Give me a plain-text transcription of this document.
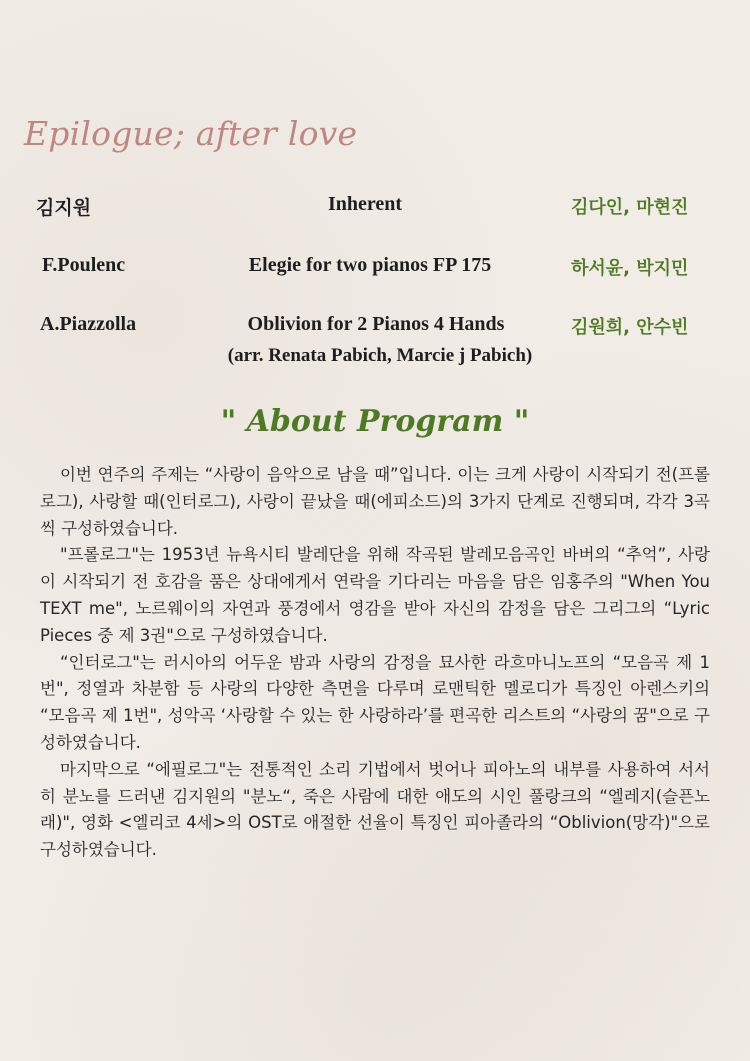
Epilogue; after love
김지원	Inherent	김다인, 마현진
F.Poulenc	Elegie for two pianos FP 175	하서윤, 박지민
A.Piazzolla	Oblivion for 2 Pianos 4 Hands	김원희, 안수빈
(arr. Renata Pabich, Marcie j Pabich)
" About Program "

이번 연주의 주제는 “사랑이 음악으로 남을 때”입니다. 이는 크게 사랑이 시작되기 전(프롤로그), 사랑할 때(인터로그), 사랑이 끝났을 때(에피소드)의 3가지 단계로 진행되며, 각각 3곡씩 구성하였습니다.

"프롤로그"는 1953년 뉴욕시티 발레단을 위해 작곡된 발레모음곡인 바버의 “추억”, 사랑이 시작되기 전 호감을 품은 상대에게서 연락을 기다리는 마음을 담은 임홍주의 "When You TEXT me", 노르웨이의 자연과 풍경에서 영감을 받아 자신의 감정을 담은 그리그의 “Lyric Pieces 중 제 3권"으로 구성하였습니다.

“인터로그"는 러시아의 어두운 밤과 사랑의 감정을 묘사한 라흐마니노프의 “모음곡 제 1번", 정열과 차분함 등 사랑의 다양한 측면을 다루며 로맨틱한 멜로디가 특징인 아렌스키의 “모음곡 제 1번", 성악곡 ‘사랑할 수 있는 한 사랑하라’를 편곡한 리스트의 “사랑의 꿈"으로 구성하였습니다.

마지막으로 “에필로그"는 전통적인 소리 기법에서 벗어나 피아노의 내부를 사용하여 서서히 분노를 드러낸 김지원의 "분노“, 죽은 사람에 대한 애도의 시인 풀랑크의 “엘레지(슬픈노래)", 영화 <엘리코 4세>의 OST로 애절한 선율이 특징인 피아졸라의 “Oblivion(망각)"으로 구성하였습니다.
